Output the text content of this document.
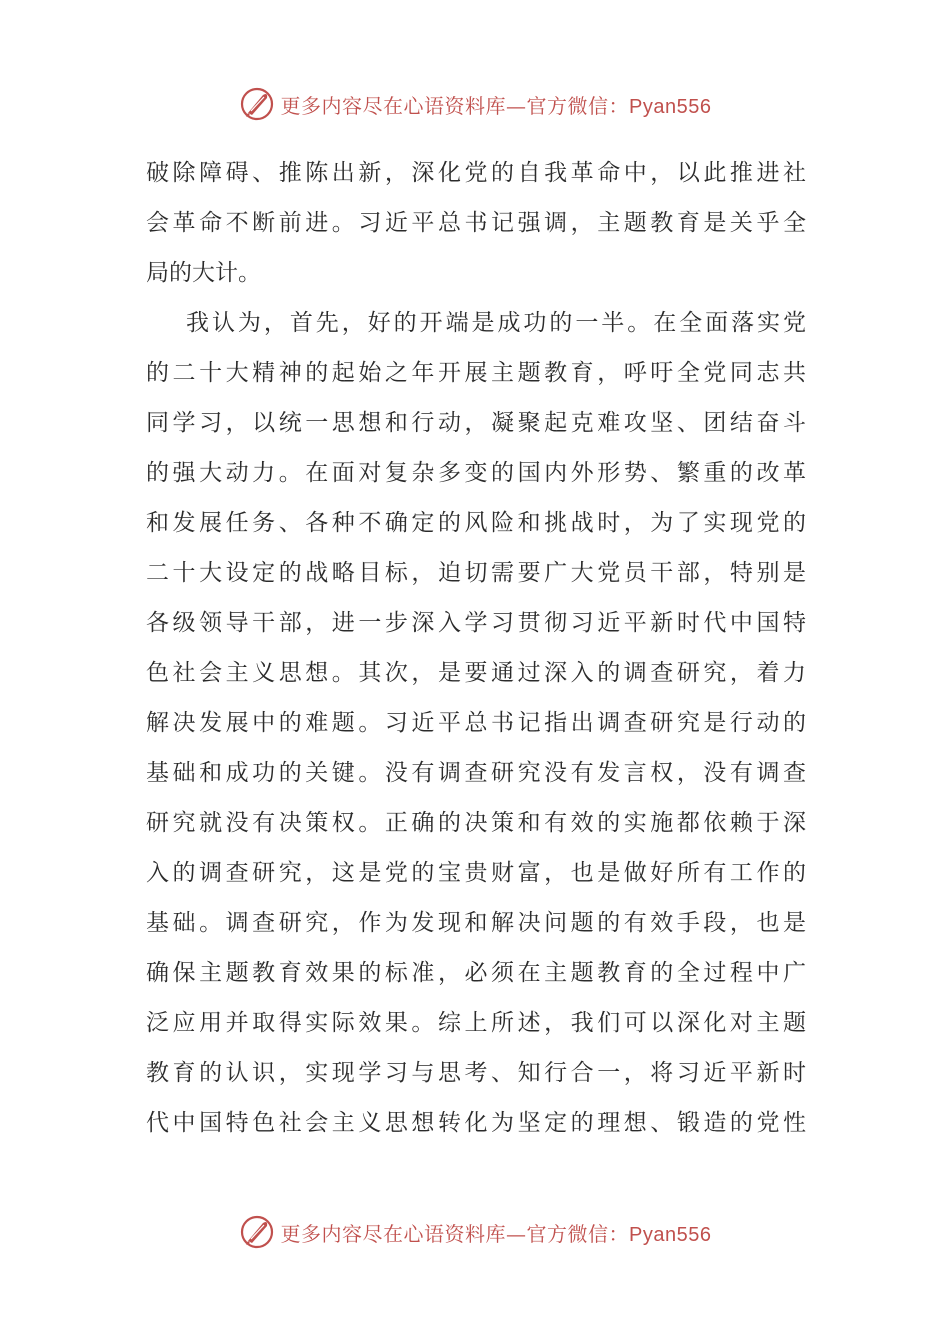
更多内容尽在心语资料库—官方微信：Pyan556
破除障碍、推陈出新，深化党的自我革命中，以此推进社
会革命不断前进。习近平总书记强调，主题教育是关乎全
局的大计。
我认为，首先，好的开端是成功的一半。在全面落实党
的二十大精神的起始之年开展主题教育，呼吁全党同志共
同学习，以统一思想和行动，凝聚起克难攻坚、团结奋斗
的强大动力。在面对复杂多变的国内外形势、繁重的改革
和发展任务、各种不确定的风险和挑战时，为了实现党的
二十大设定的战略目标，迫切需要广大党员干部，特别是
各级领导干部，进一步深入学习贯彻习近平新时代中国特
色社会主义思想。其次，是要通过深入的调查研究，着力
解决发展中的难题。习近平总书记指出调查研究是行动的
基础和成功的关键。没有调查研究没有发言权，没有调查
研究就没有决策权。正确的决策和有效的实施都依赖于深
入的调查研究，这是党的宝贵财富，也是做好所有工作的
基础。调查研究，作为发现和解决问题的有效手段，也是
确保主题教育效果的标准，必须在主题教育的全过程中广
泛应用并取得实际效果。综上所述，我们可以深化对主题
教育的认识，实现学习与思考、知行合一，将习近平新时
代中国特色社会主义思想转化为坚定的理想、锻造的党性
更多内容尽在心语资料库—官方微信：Pyan556
